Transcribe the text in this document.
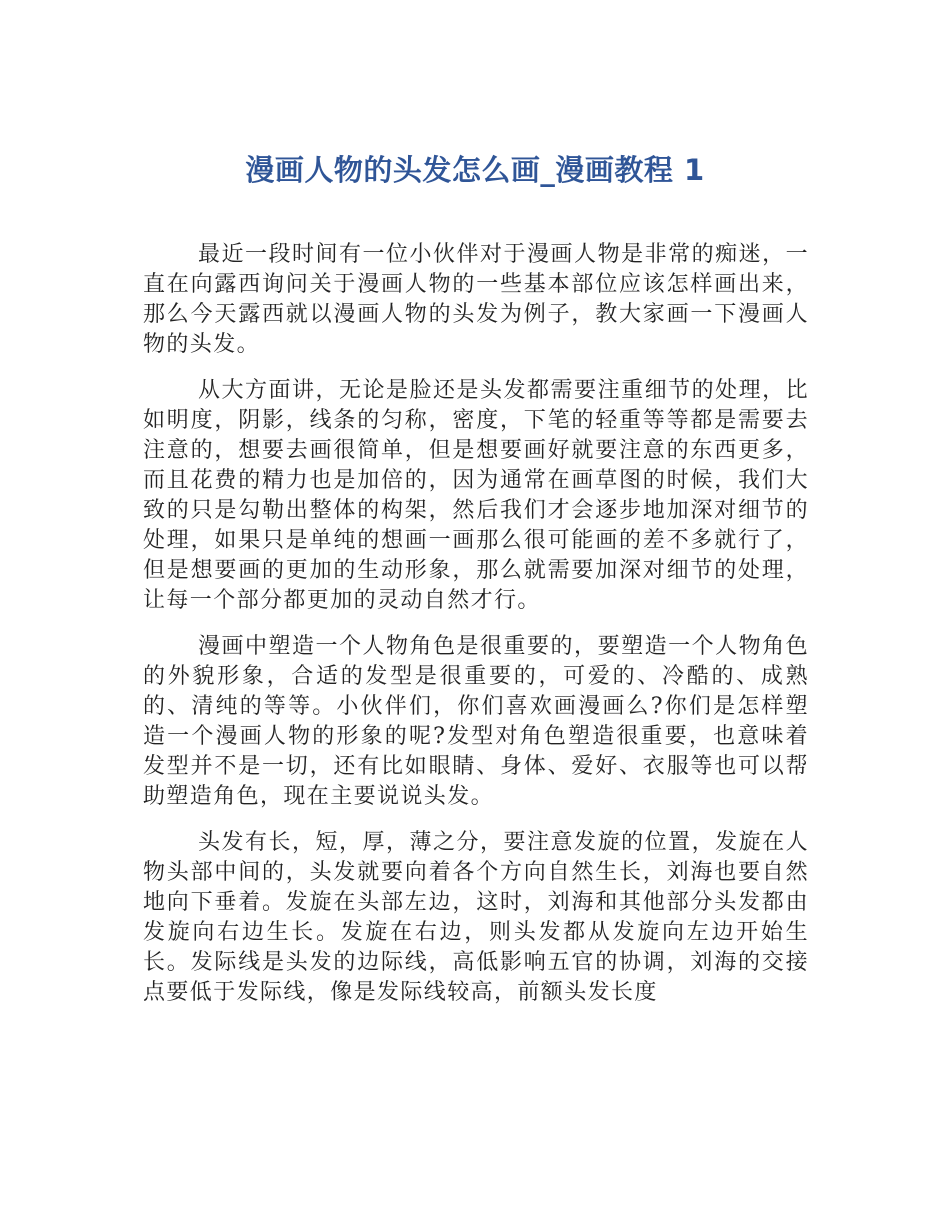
漫画人物的头发怎么画_漫画教程 1

最近一段时间有一位小伙伴对于漫画人物是非常的痴迷，一直在向露西询问关于漫画人物的一些基本部位应该怎样画出来，那么今天露西就以漫画人物的头发为例子，教大家画一下漫画人物的头发。

从大方面讲，无论是脸还是头发都需要注重细节的处理，比如明度，阴影，线条的匀称，密度，下笔的轻重等等都是需要去注意的，想要去画很简单，但是想要画好就要注意的东西更多，而且花费的精力也是加倍的，因为通常在画草图的时候，我们大致的只是勾勒出整体的构架，然后我们才会逐步地加深对细节的处理，如果只是单纯的想画一画那么很可能画的差不多就行了，但是想要画的更加的生动形象，那么就需要加深对细节的处理，让每一个部分都更加的灵动自然才行。

漫画中塑造一个人物角色是很重要的，要塑造一个人物角色的外貌形象，合适的发型是很重要的，可爱的、冷酷的、成熟的、清纯的等等。小伙伴们，你们喜欢画漫画么?你们是怎样塑造一个漫画人物的形象的呢?发型对角色塑造很重要，也意味着发型并不是一切，还有比如眼睛、身体、爱好、衣服等也可以帮助塑造角色，现在主要说说头发。

头发有长，短，厚，薄之分，要注意发旋的位置，发旋在人物头部中间的，头发就要向着各个方向自然生长，刘海也要自然地向下垂着。发旋在头部左边，这时，刘海和其他部分头发都由发旋向右边生长。发旋在右边，则头发都从发旋向左边开始生长。发际线是头发的边际线，高低影响五官的协调，刘海的交接点要低于发际线，像是发际线较高，前额头发长度
